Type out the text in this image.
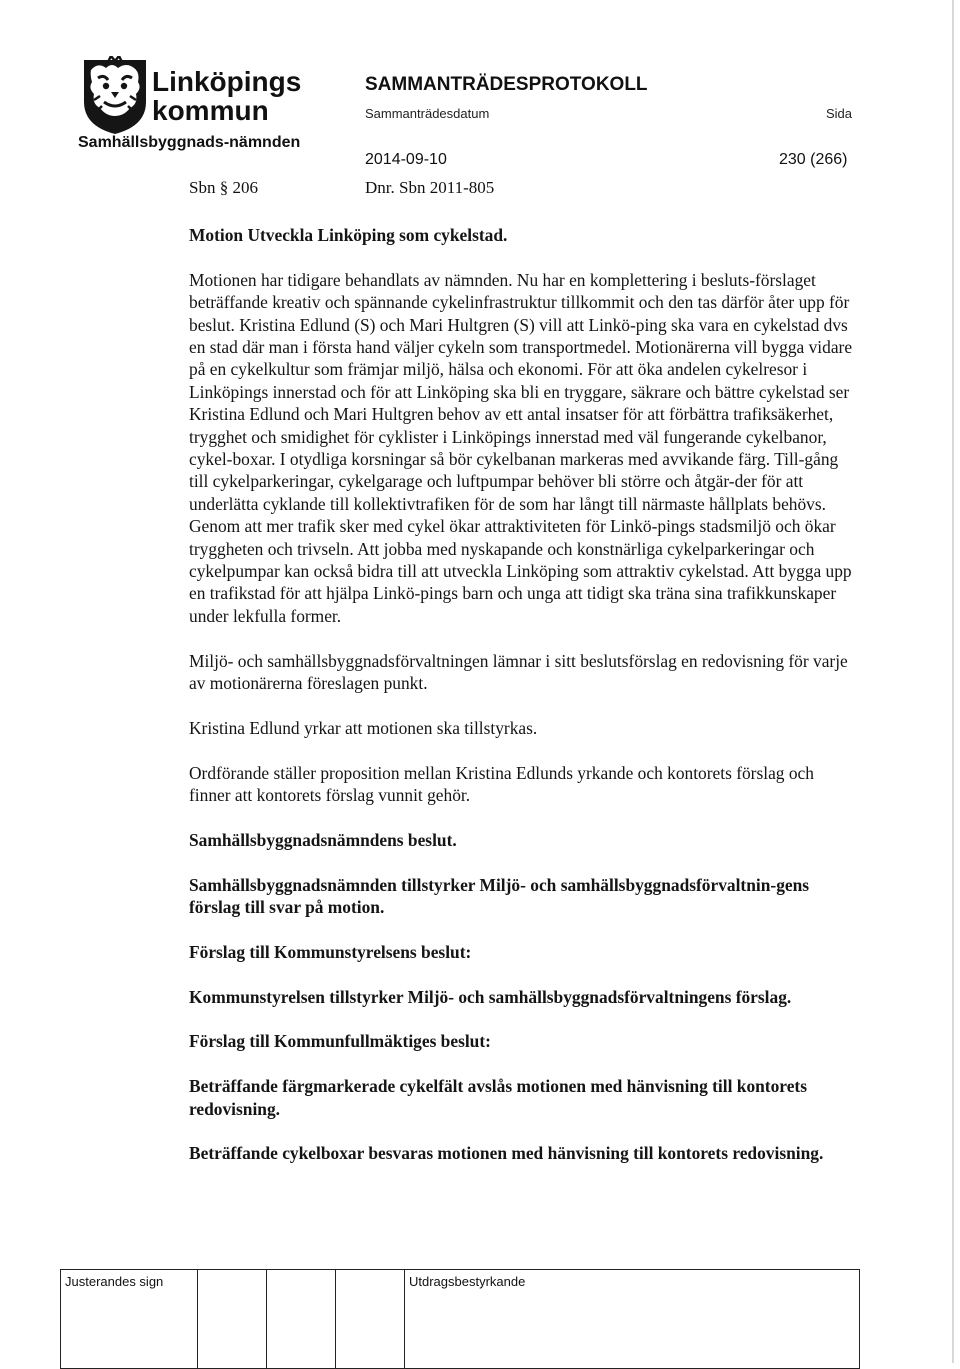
Linköpings
kommun
Samhällsbyggnads-nämnden
SAMMANTRÄDESPROTOKOLL
Sammanträdesdatum	Sida
2014-09-10	230 (266)
Sbn § 206	Dnr. Sbn 2011-805

Motion Utveckla Linköping som cykelstad.

Motionen har tidigare behandlats av nämnden. Nu har en komplettering i besluts-förslaget beträffande kreativ och spännande cykelinfrastruktur tillkommit och den tas därför åter upp för beslut. Kristina Edlund (S) och Mari Hultgren (S) vill att Linkö-ping ska vara en cykelstad dvs en stad där man i första hand väljer cykeln som transportmedel. Motionärerna vill bygga vidare på en cykelkultur som främjar miljö, hälsa och ekonomi. För att öka andelen cykelresor i Linköpings innerstad och för att Linköping ska bli en tryggare, säkrare och bättre cykelstad ser Kristina Edlund och Mari Hultgren behov av ett antal insatser för att förbättra trafiksäkerhet, trygghet och smidighet för cyklister i Linköpings innerstad med väl fungerande cykelbanor, cykel-boxar. I otydliga korsningar så bör cykelbanan markeras med avvikande färg. Till-gång till cykelparkeringar, cykelgarage och luftpumpar behöver bli större och åtgär-der för att underlätta cyklande till kollektivtrafiken för de som har långt till närmaste hållplats behövs. Genom att mer trafik sker med cykel ökar attraktiviteten för Linkö-pings stadsmiljö och ökar tryggheten och trivseln. Att jobba med nyskapande och konstnärliga cykelparkeringar och cykelpumpar kan också bidra till att utveckla Linköping som attraktiv cykelstad. Att bygga upp en trafikstad för att hjälpa Linkö-pings barn och unga att tidigt ska träna sina trafikkunskaper under lekfulla former.

Miljö- och samhällsbyggnadsförvaltningen lämnar i sitt beslutsförslag en redovisning för varje av motionärerna föreslagen punkt.

Kristina Edlund yrkar att motionen ska tillstyrkas.

Ordförande ställer proposition mellan Kristina Edlunds yrkande och kontorets förslag och finner att kontorets förslag vunnit gehör.

Samhällsbyggnadsnämndens beslut.

Samhällsbyggnadsnämnden tillstyrker Miljö- och samhällsbyggnadsförvaltnin-gens förslag till svar på motion.

Förslag till Kommunstyrelsens beslut:

Kommunstyrelsen tillstyrker Miljö- och samhällsbyggnadsförvaltningens förslag.

Förslag till Kommunfullmäktiges beslut:

Beträffande färgmarkerade cykelfält avslås motionen med hänvisning till kontorets redovisning.

Beträffande cykelboxar besvaras motionen med hänvisning till kontorets redovisning.

Justerandes sign				Utdragsbestyrkande
